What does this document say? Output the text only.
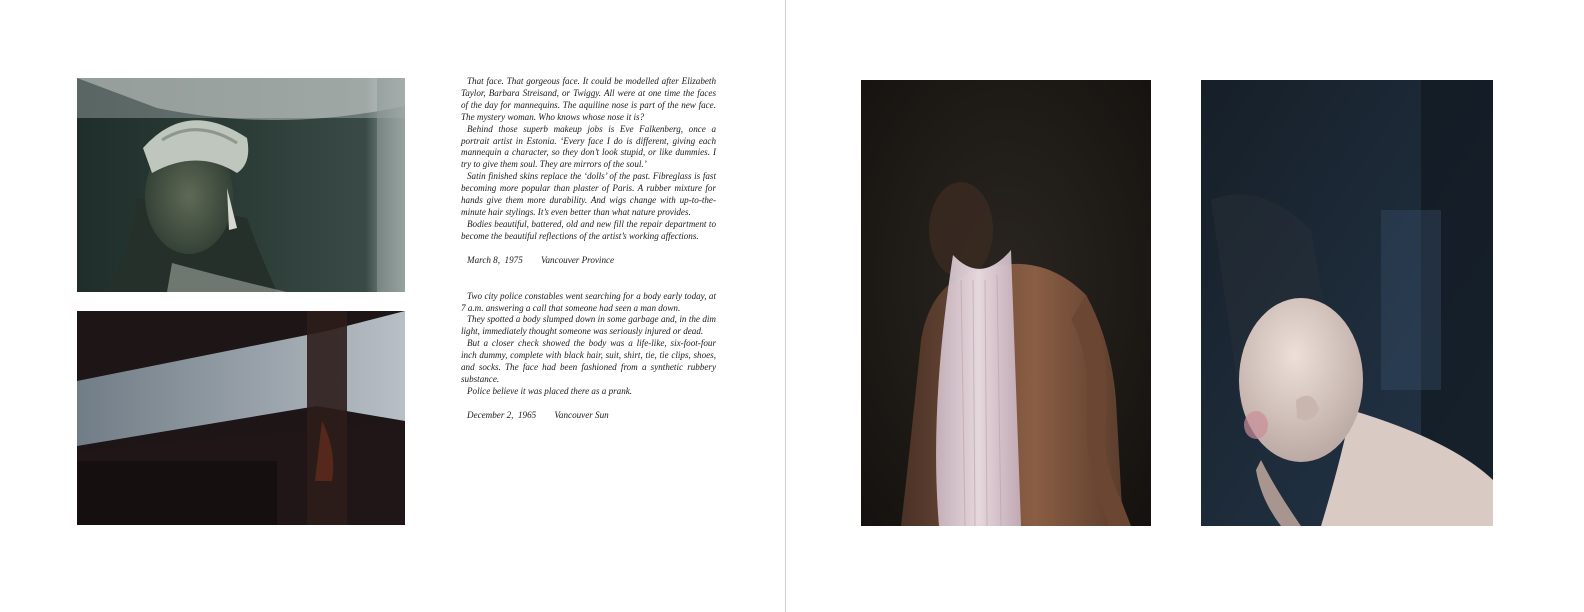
That face. That gorgeous face. It could be modelled after Elizabeth Taylor, Barbara Streisand, or Twiggy. All were at one time the faces of the day for mannequins. The aquiline nose is part of the new face. The mystery woman. Who knows whose nose it is?

Behind those superb makeup jobs is Eve Falkenberg, once a portrait artist in Estonia. ‘Every face I do is different, giving each mannequin a character, so they don’t look stupid, or like dummies. I try to give them soul. They are mirrors of the soul.’

Satin finished skins replace the ‘dolls’ of the past. Fibreglass is fast becoming more popular than plaster of Paris. A rubber mixture for hands give them more durability. And wigs change with up-to-the-minute hair stylings. It’s even better than what nature provides.

Bodies beautiful, battered, old and new fill the repair department to become the beautiful reflections of the artist’s working affections.

March 8,  1975 Vancouver Province

Two city police constables went searching for a body early today, at 7 a.m. answering a call that someone had seen a man down.

They spotted a body slumped down in some garbage and, in the dim light, immediately thought someone was seriously injured or dead.

But a closer check showed the body was a life-like, six-foot-four inch dummy, complete with black hair, suit, shirt, tie, tie clips, shoes, and socks. The face had been fashioned from a synthetic rubbery substance.

Police believe it was placed there as a prank.

December 2,  1965 Vancouver Sun
